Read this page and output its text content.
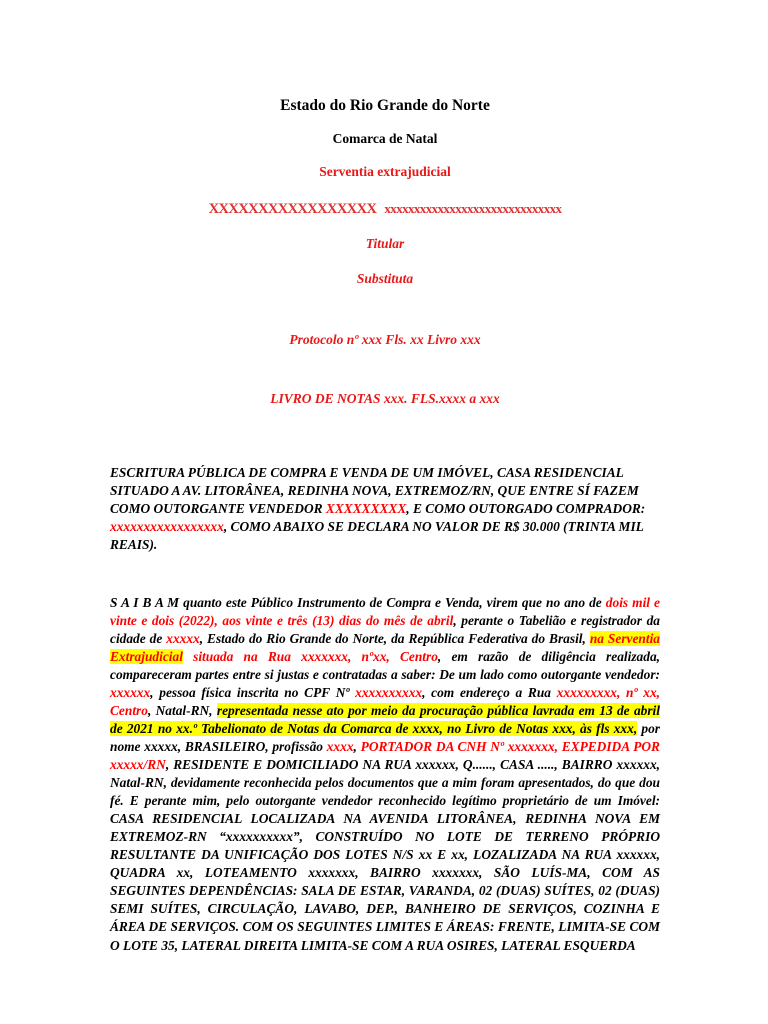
Estado do Rio Grande do Norte
Comarca de Natal
Serventia extrajudicial
XXXXXXXXXXXXXXXXX xxxxxxxxxxxxxxxxxxxxxxxxxxxxxx
Titular
Substituta
Protocolo nº xxx Fls. xx Livro xxx
LIVRO DE NOTAS xxx. FLS.xxxx a xxx
ESCRITURA PÚBLICA DE COMPRA E VENDA DE UM IMÓVEL, CASA RESIDENCIAL SITUADO A AV. LITORÂNEA, REDINHA NOVA, EXTREMOZ/RN, QUE ENTRE SÍ FAZEM COMO OUTORGANTE VENDEDOR XXXXXXXXX, E COMO OUTORGADO COMPRADOR: xxxxxxxxxxxxxxxxx, COMO ABAIXO SE DECLARA NO VALOR DE R$ 30.000 (TRINTA MIL REAIS).
S A I B A M quanto este Público Instrumento de Compra e Venda, virem que no ano de dois mil e vinte e dois (2022), aos vinte e três (13) dias do mês de abril, perante o Tabelião e registrador da cidade de xxxxx, Estado do Rio Grande do Norte, da República Federativa do Brasil, na Serventia Extrajudicial situada na Rua xxxxxxx, nºxx, Centro, em razão de diligência realizada, compareceram partes entre si justas e contratadas a saber: De um lado como outorgante vendedor: xxxxxx, pessoa física inscrita no CPF Nº xxxxxxxxxx, com endereço a Rua xxxxxxxxx, nº xx, Centro, Natal-RN, representada nesse ato por meio da procuração pública lavrada em 13 de abril de 2021 no xx.º Tabelionato de Notas da Comarca de xxxx, no Livro de Notas xxx, às fls xxx, por nome xxxxx, BRASILEIRO, profissão xxxx, PORTADOR DA CNH Nº xxxxxxx, EXPEDIDA POR xxxxx/RN, RESIDENTE E DOMICILIADO NA RUA xxxxxx, Q......, CASA ....., BAIRRO xxxxxx, Natal-RN, devidamente reconhecida pelos documentos que a mim foram apresentados, do que dou fé. E perante mim, pelo outorgante vendedor reconhecido legítimo proprietário de um Imóvel: CASA RESIDENCIAL LOCALIZADA NA AVENIDA LITORÂNEA, REDINHA NOVA EM EXTREMOZ-RN “xxxxxxxxxx”, CONSTRUÍDO NO LOTE DE TERRENO PRÓPRIO RESULTANTE DA UNIFICAÇÃO DOS LOTES N/S xx E xx, LOZALIZADA NA RUA xxxxxx, QUADRA xx, LOTEAMENTO xxxxxxx, BAIRRO xxxxxxx, SÃO LUÍS-MA, COM AS SEGUINTES DEPENDÊNCIAS: SALA DE ESTAR, VARANDA, 02 (DUAS) SUÍTES, 02 (DUAS) SEMI SUÍTES, CIRCULAÇÃO, LAVABO, DEP., BANHEIRO DE SERVIÇOS, COZINHA E ÁREA DE SERVIÇOS. COM OS SEGUINTES LIMITES E ÁREAS: FRENTE, LIMITA-SE COM O LOTE 35, LATERAL DIREITA LIMITA-SE COM A RUA OSIRES, LATERAL ESQUERDA
